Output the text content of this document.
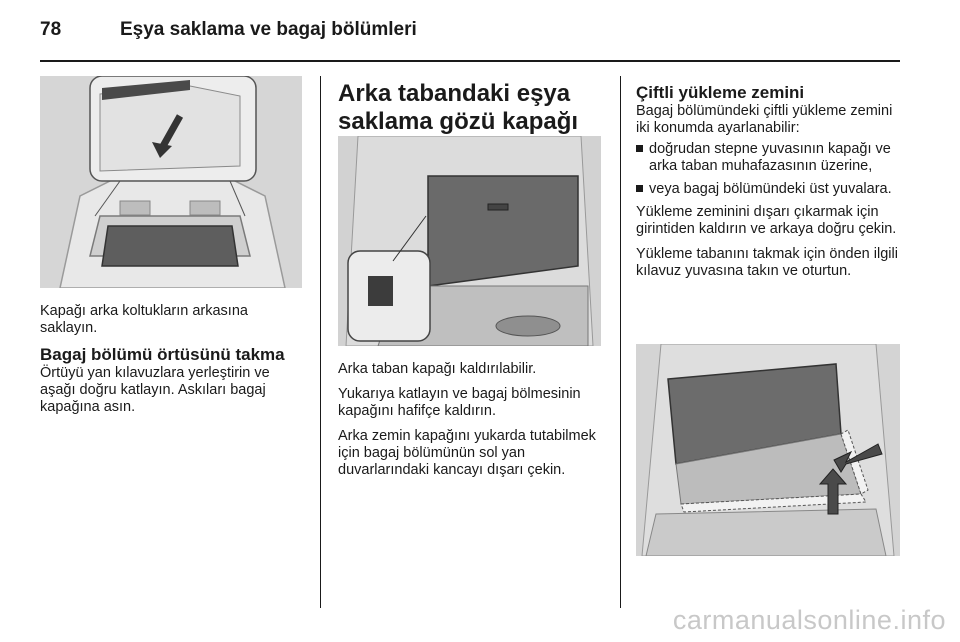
78	Eşya saklama ve bagaj bölümleri

Kapağı arka koltukların arkasına saklayın.

Bagaj bölümü örtüsünü takma

Örtüyü yan kılavuzlara yerleştirin ve aşağı doğru katlayın. Askıları bagaj kapağına asın.

Arka tabandaki eşya saklama gözü kapağı

Arka taban kapağı kaldırılabilir.

Yukarıya katlayın ve bagaj bölmesinin kapağını hafifçe kaldırın.

Arka zemin kapağını yukarda tutabilmek için bagaj bölümünün sol yan duvarlarındaki kancayı dışarı çekin.

Çiftli yükleme zemini

Bagaj bölümündeki çiftli yükleme zemini iki konumda ayarlanabilir:

doğrudan stepne yuvasının kapağı ve arka taban muhafazasının üzerine,
veya bagaj bölümündeki üst yuvalara.

Yükleme zeminini dışarı çıkarmak için girintiden kaldırın ve arkaya doğru çekin.

Yükleme tabanını takmak için önden ilgili kılavuz yuvasına takın ve oturtun.

carmanualsonline.info
